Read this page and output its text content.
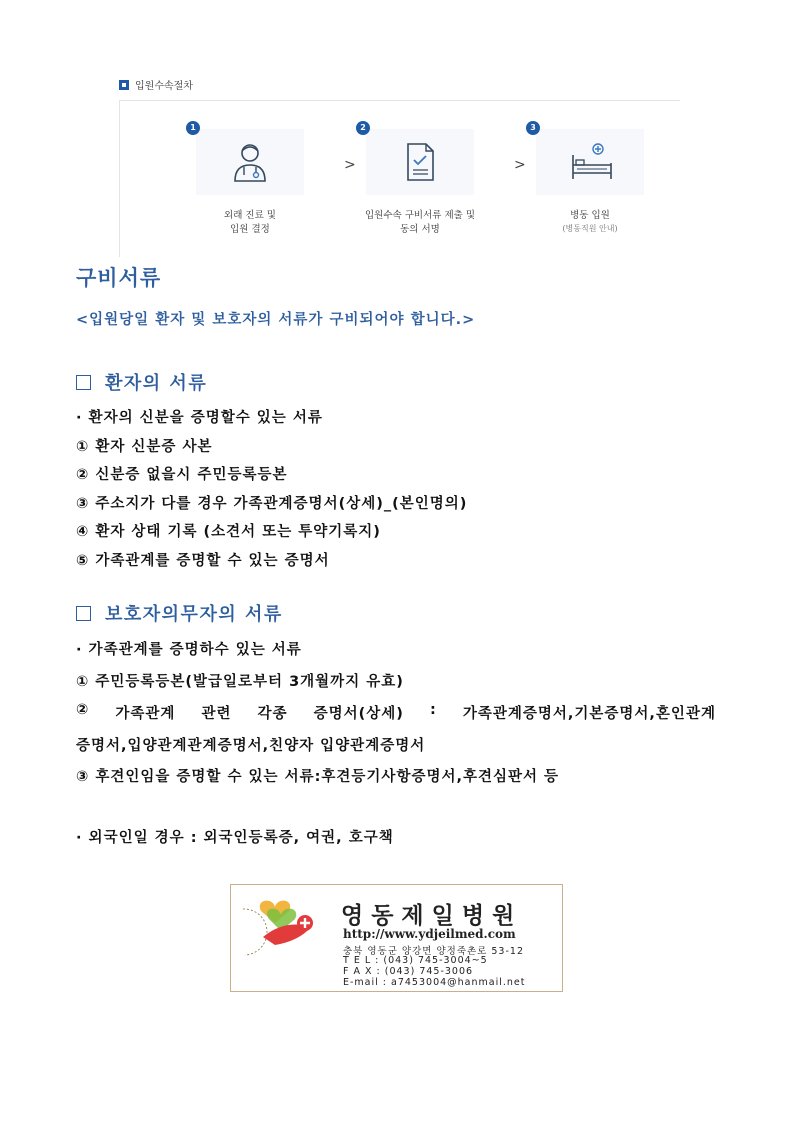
입원수속절차
1
외래 진료 및
입원 결정
>
2
입원수속 구비서류 제출 및
동의 서명
>
3
병동 입원
(병동직원 안내)
구비서류
<입원당일 환자 및 보호자의 서류가 구비되어야 합니다.>
환자의 서류
· 환자의 신분을 증명할수 있는 서류
① 환자 신분증 사본
② 신분증 없을시 주민등록등본
③ 주소지가 다를 경우 가족관계증명서(상세)_(본인명의)
④ 환자 상태 기록 (소견서 또는 투약기록지)
⑤ 가족관계를 증명할 수 있는 증명서
보호자의무자의 서류
· 가족관계를 증명하수 있는 서류
① 주민등록등본(발급일로부터 3개월까지 유효)
② 가족관계 관련 각종 증명서(상세) : 가족관계증명서,기본증명서,혼인관계
증명서,입양관계관계증명서,친양자 입양관계증명서
③ 후견인임을 증명할 수 있는 서류:후견등기사항증명서,후견심판서 등
· 외국인일 경우 : 외국인등록증, 여권, 호구책
영동제일병원
http://www.ydjeilmed.com
충북 영동군 양강면 양정죽촌로 53-12
T E L : (043) 745-3004~5
F A X : (043) 745-3006
E-mail : a7453004@hanmail.net
